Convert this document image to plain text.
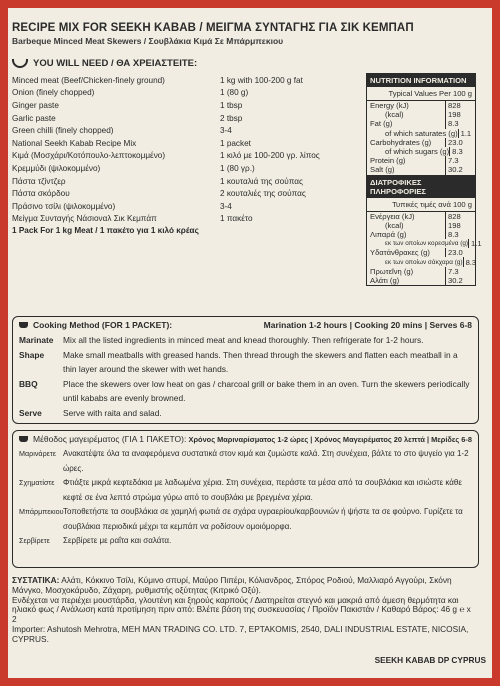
RECIPE MIX FOR SEEKH KABAB / ΜΕΙΓΜΑ ΣΥΝΤΑΓΗΣ ΓΙΑ ΣΙΚ ΚΕΜΠΑΠ
Barbeque Minced Meat Skewers / Σουβλάκια Κιμά Σε Μπάρμπεκιου
YOU WILL NEED / ΘΑ ΧΡΕΙΑΣΤΕΙΤΕ:
Minced meat (Beef/Chicken-finely ground)	1 kg with 100-200 g fat
Onion (finely chopped)	1 (80 g)
Ginger paste	1 tbsp
Garlic paste	2 tbsp
Green chilli (finely chopped)	3-4
National Seekh Kabab Recipe Mix	1 packet
Κιμά (Μοσχάρι/Κοτόπουλο-λεπτοκομμένο)	1 κιλό με 100-200 γρ. λίπος
Κρεμμύδι (ψιλοκομμένο)	1 (80 γρ.)
Πάστα τζίντζερ	1 κουταλιά της σούπας
Πάστα σκόρδου	2 κουταλιές της σούπας
Πράσινο τσίλι (ψιλοκομμένο)	3-4
Μείγμα Συνταγής Νάσιοναλ Σικ Κεμπάπ	1 πακέτο
1 Pack For 1 kg Meat / 1 πακέτο για 1 κιλό κρέας
NUTRITION INFORMATION
Typical Values Per 100 g
Energy (kJ)	828
(kcal)	198
Fat (g)	8.3
of which saturates (g) 1.1
Carbohydrates (g)	23.0
of which sugars (g) 8.3
Protein (g)	7.3
Salt (g)	30.2
ΔΙΑΤΡΟΦΙΚΕΣ ΠΛΗΡΟΦΟΡΙΕΣ
Τυπικές τιμές ανά 100 g
Ενέργεια (kJ)	828
(kcal)	198
Λιπαρά (g)	8.3
εκ των οποίων κορεσμένα (g) 1.1
Υδατάνθρακες (g)	23.0
εκ των οποίων σάκχαρα (g) 8.3
Πρωτεΐνη (g)	7.3
Αλάτι (g)	30.2
Cooking Method (FOR 1 PACKET):	Marination 1-2 hours | Cooking 20 mins | Serves 6-8
Marinate	Mix all the listed ingredients in minced meat and knead thoroughly. Then refrigerate for 1-2 hours.
Shape	Make small meatballs with greased hands. Then thread through the skewers and flatten each meatball in a thin layer around the skewer with wet hands.
BBQ	Place the skewers over low heat on gas / charcoal grill or bake them in an oven. Turn the skewers periodically until kababs are evenly browned.
Serve	Serve with raita and salad.
Μέθοδος μαγειρέματος (ΓΙΑ 1 ΠΑΚΕΤΟ): Χρόνος Μαριναρίσματος 1-2 ώρες | Χρόνος Μαγειρέματος 20 λεπτά | Μερίδες 6-8
Μαρινάρετε Ανακατέψτε όλα τα αναφερόμενα συστατικά στον κιμά και ζυμώστε καλά. Στη συνέχεια, βάλτε το στο ψυγείο για 1-2 ώρες.
Σχηματίστε	Φτιάξτε μικρά κεφτεδάκια με λαδωμένα χέρια. Στη συνέχεια, περάστε τα μέσα από τα σουβλάκια και ισιώστε κάθε κεφτέ σε ένα λεπτό στρώμα γύρω από το σουβλάκι με βρεγμένα χέρια.
Μπάρμπεκιου Τοποθετήστε τα σουβλάκια σε χαμηλή φωτιά σε σχάρα υγραερίου/καρβουνιών ή ψήστε τα σε φούρνο. Γυρίζετε τα σουβλάκια περιοδικά μέχρι τα κεμπάπ να ροδίσουν ομοιόμορφα.
Σερβίρετε	Σερβίρετε με ραΐτα και σαλάτα.
ΣΥΣΤΑΤΙΚΑ: Αλάτι, Κόκκινο Τσίλι, Κύμινο σπυρί, Μαύρο Πιπέρι, Κόλιανδρος, Σπόρος Ροδιού, Μαλλιαρό Αγγούρι, Σκόνη Μάνγκο, Μοσχοκάρυδο, Ζάχαρη, ρυθμιστής οξύτητας (Κιτρικό Οξύ).
Ενδέχεται να περιέχει μουστάρδα, γλουτένη και ξηρούς καρπούς / Διατηρείται στεγνό και μακριά από άμεση θερμότητα και ηλιακό φως / Ανάλωση κατά προτίμηση πριν από: Βλέπε βάση της συσκευασίας / Προϊόν Πακιστάν / Καθαρό Βάρος: 46 g ℮ x 2
Importer: Ashutosh Mehrotra, MEH MAN TRADING CO. LTD. 7, EPTAKOMIS, 2540, DALI INDUSTRIAL ESTATE, NICOSIA, CYPRUS.
SEEKH KABAB DP CYPRUS
